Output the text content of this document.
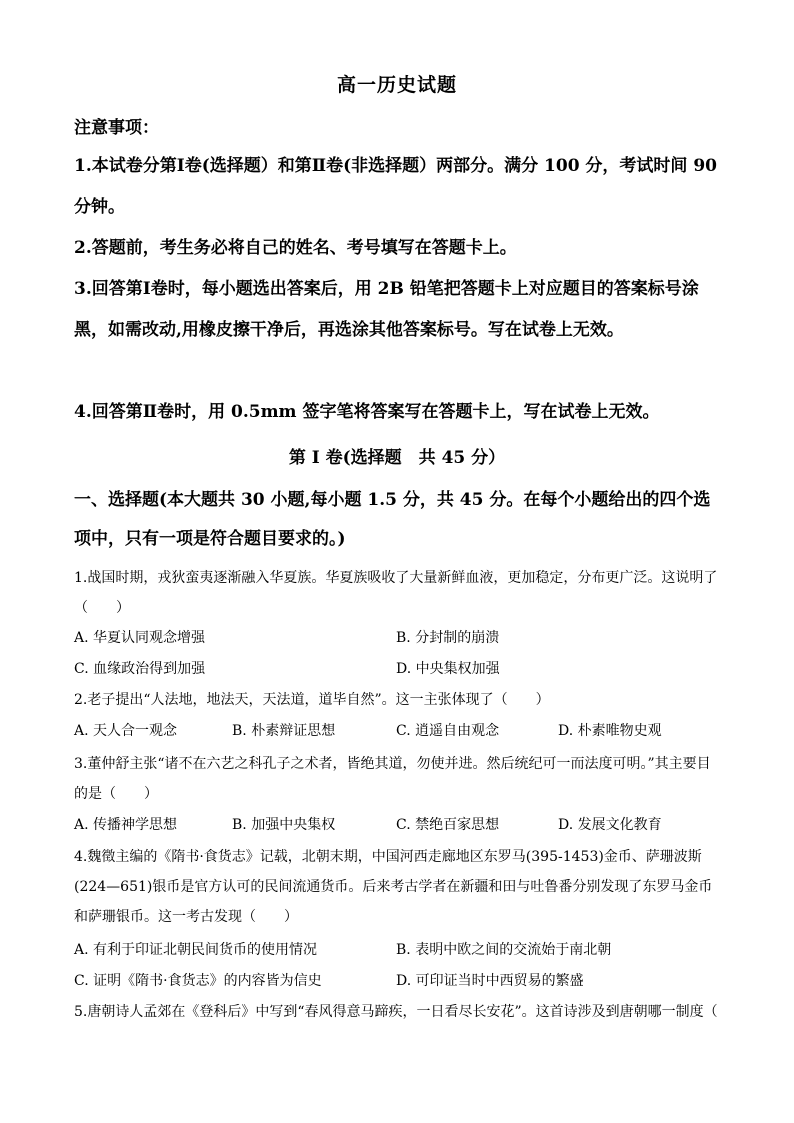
高一历史试题
注意事项：
1.本试卷分第Ⅰ卷(选择题）和第Ⅱ卷(非选择题）两部分。满分 100 分，考试时间 90 分钟。
2.答题前，考生务必将自己的姓名、考号填写在答题卡上。
3.回答第Ⅰ卷时，每小题选出答案后，用 2B 铅笔把答题卡上对应题目的答案标号涂黑，如需改动,用橡皮擦干净后，再选涂其他答案标号。写在试卷上无效。
4.回答第Ⅱ卷时，用 0.5mm 签字笔将答案写在答题卡上，写在试卷上无效。
第 I 卷(选择题　共 45 分）
一、选择题(本大题共 30 小题,每小题 1.5 分，共 45 分。在每个小题给出的四个选项中，只有一项是符合题目要求的。)
1.战国时期，戎狄蛮夷逐渐融入华夏族。华夏族吸收了大量新鲜血液，更加稳定，分布更广泛。这说明了（　　）
A. 华夏认同观念增强	B. 分封制的崩溃
C. 血缘政治得到加强	D. 中央集权加强
2.老子提出“人法地，地法天，天法道，道毕自然”。这一主张体现了（　　）
A. 天人合一观念	B. 朴素辩证思想	C. 逍遥自由观念	D. 朴素唯物史观
3.董仲舒主张“诸不在六艺之科孔子之术者，皆绝其道，勿使并进。然后统纪可一而法度可明。”其主要目的是（　　）
A. 传播神学思想	B. 加强中央集权	C. 禁绝百家思想	D. 发展文化教育
4.魏徵主编的《隋书·食货志》记载，北朝末期，中国河西走廊地区东罗马(395-1453)金币、萨珊波斯(224—651)银币是官方认可的民间流通货币。后来考古学者在新疆和田与吐鲁番分别发现了东罗马金币和萨珊银币。这一考古发现（　　）
A. 有利于印证北朝民间货币的使用情况	B. 表明中欧之间的交流始于南北朝
C. 证明《隋书·食货志》的内容皆为信史	D. 可印证当时中西贸易的繁盛
5.唐朝诗人孟郊在《登科后》中写到“春风得意马蹄疾，一日看尽长安花”。这首诗涉及到唐朝哪一制度（
